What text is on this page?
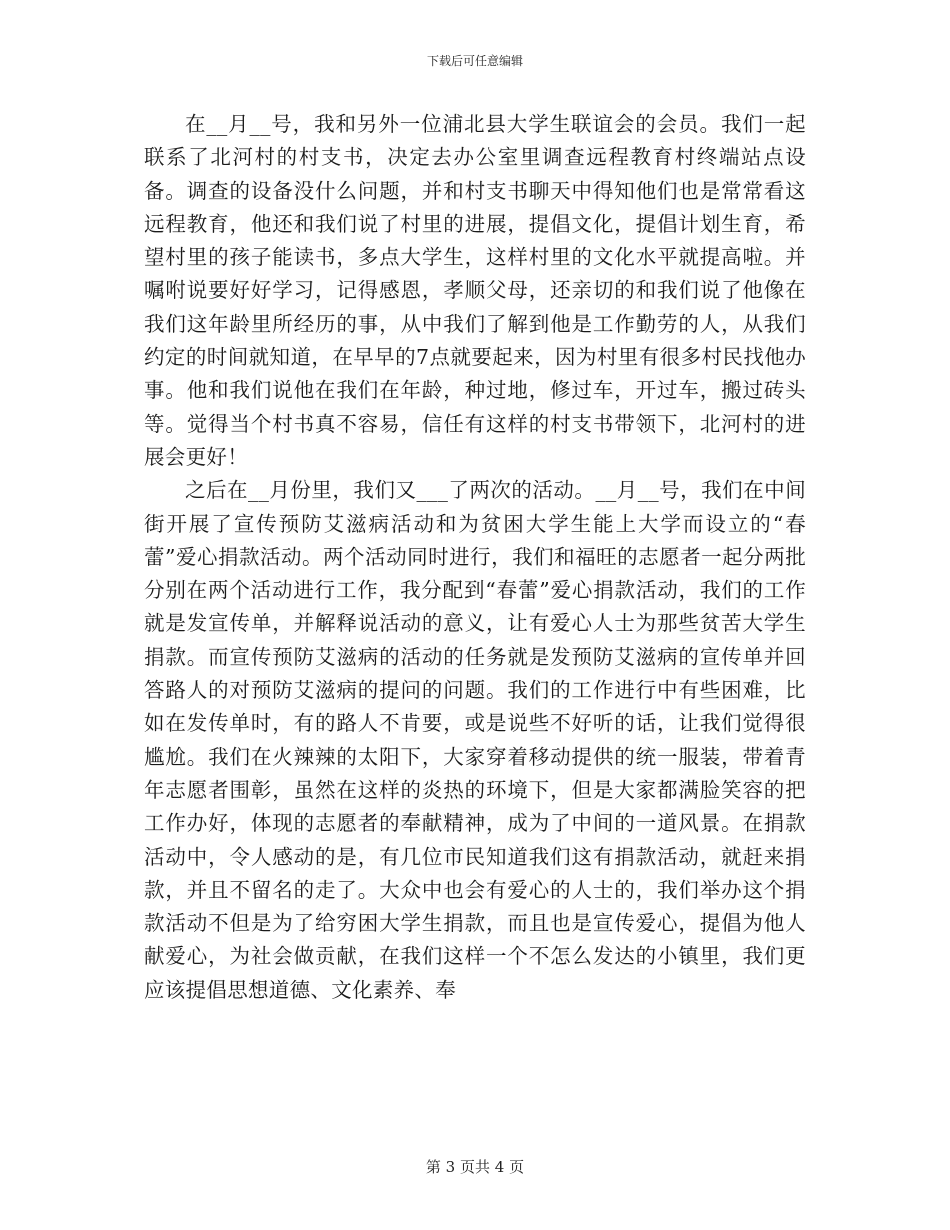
下载后可任意编辑

在__月__号，我和另外一位浦北县大学生联谊会的会员。我们一起联系了北河村的村支书，决定去办公室里调查远程教育村终端站点设备。调查的设备没什么问题，并和村支书聊天中得知他们也是常常看这远程教育，他还和我们说了村里的进展，提倡文化，提倡计划生育，希望村里的孩子能读书，多点大学生，这样村里的文化水平就提高啦。并嘱咐说要好好学习，记得感恩，孝顺父母，还亲切的和我们说了他像在我们这年龄里所经历的事，从中我们了解到他是工作勤劳的人，从我们约定的时间就知道，在早早的7点就要起来，因为村里有很多村民找他办事。他和我们说他在我们在年龄，种过地，修过车，开过车，搬过砖头等。觉得当个村书真不容易，信任有这样的村支书带领下，北河村的进展会更好！

之后在__月份里，我们又___了两次的活动。__月__号，我们在中间街开展了宣传预防艾滋病活动和为贫困大学生能上大学而设立的“春蕾”爱心捐款活动。两个活动同时进行，我们和福旺的志愿者一起分两批分别在两个活动进行工作，我分配到“春蕾”爱心捐款活动，我们的工作就是发宣传单，并解释说活动的意义，让有爱心人士为那些贫苦大学生捐款。而宣传预防艾滋病的活动的任务就是发预防艾滋病的宣传单并回答路人的对预防艾滋病的提问的问题。我们的工作进行中有些困难，比如在发传单时，有的路人不肯要，或是说些不好听的话，让我们觉得很尴尬。我们在火辣辣的太阳下，大家穿着移动提供的统一服装，带着青年志愿者围彰，虽然在这样的炎热的环境下，但是大家都满脸笑容的把工作办好，体现的志愿者的奉献精神，成为了中间的一道风景。在捐款活动中，令人感动的是，有几位市民知道我们这有捐款活动，就赶来捐款，并且不留名的走了。大众中也会有爱心的人士的，我们举办这个捐款活动不但是为了给穷困大学生捐款，而且也是宣传爱心，提倡为他人献爱心，为社会做贡献，在我们这样一个不怎么发达的小镇里，我们更应该提倡思想道德、文化素养、奉

第 3 页共 4 页
